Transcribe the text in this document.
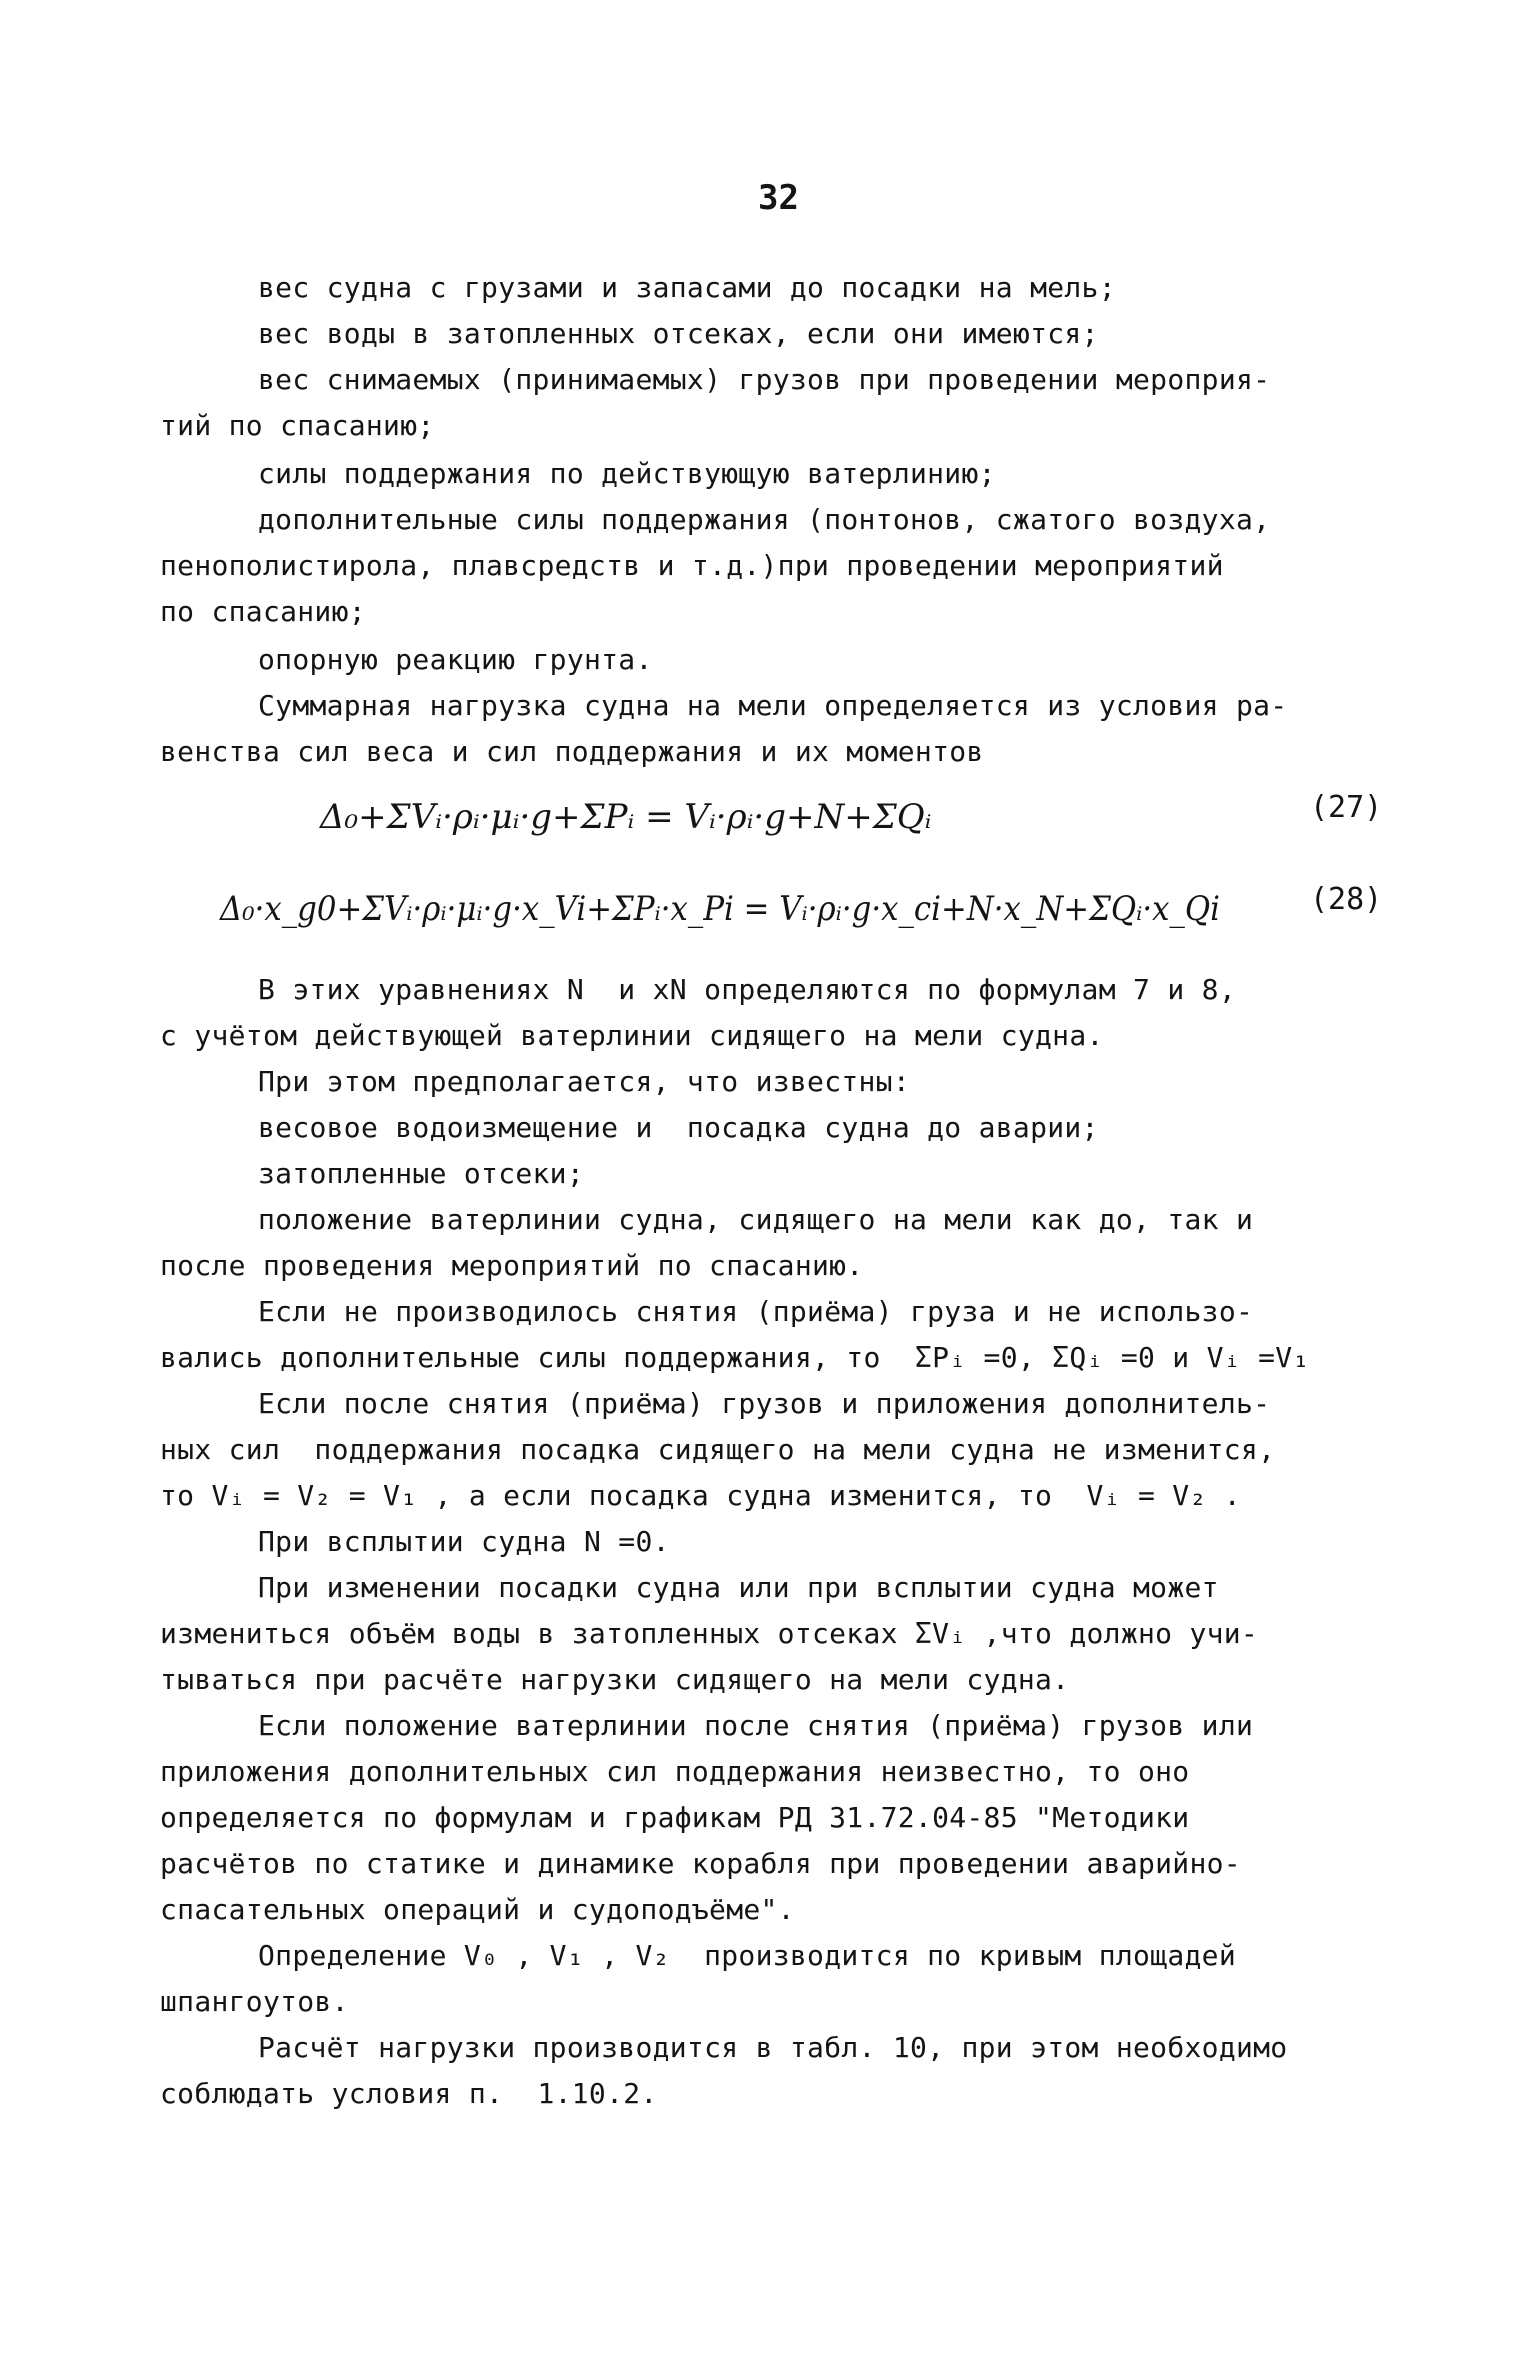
32
вес судна с грузами и запасами до посадки на мель;
вес воды в затопленных отсеках, если они имеются;
вес снимаемых (принимаемых) грузов при проведении мероприя-
тий по спасанию;
силы поддержания по действующую ватерлинию;
дополнительные силы поддержания (понтонов, сжатого воздуха,
пенополистирола, плавсредств и т.д.)при проведении мероприятий
по спасанию;
опорную реакцию грунта.
Суммарная нагрузка судна на мели определяется из условия ра-
венства сил веса и сил поддержания и их моментов
Δ₀+ΣVᵢ·ρᵢ·μᵢ·g+ΣPᵢ = Vᵢ·ρᵢ·g+N+ΣQᵢ	(27)
Δ₀·x_g0+ΣVᵢ·ρᵢ·μᵢ·g·x_Vi+ΣPᵢ·x_Pi = Vᵢ·ρᵢ·g·x_ci+N·x_N+ΣQᵢ·x_Qi	(28)
В этих уравнениях N  и xN определяются по формулам 7 и 8,
с учётом действующей ватерлинии сидящего на мели судна.
При этом предполагается, что известны:
весовое водоизмещение и  посадка судна до аварии;
затопленные отсеки;
положение ватерлинии судна, сидящего на мели как до, так и
после проведения мероприятий по спасанию.
Если не производилось снятия (приёма) груза и не использо-
вались дополнительные силы поддержания, то  ΣPᵢ =0, ΣQᵢ =0 и Vᵢ =V₁
Если после снятия (приёма) грузов и приложения дополнитель-
ных сил  поддержания посадка сидящего на мели судна не изменится,
то Vᵢ = V₂ = V₁ , а если посадка судна изменится, то  Vᵢ = V₂ .
При всплытии судна N =0.
При изменении посадки судна или при всплытии судна может
измениться объём воды в затопленных отсеках ΣVᵢ ,что должно учи-
тываться при расчёте нагрузки сидящего на мели судна.
Если положение ватерлинии после снятия (приёма) грузов или
приложения дополнительных сил поддержания неизвестно, то оно
определяется по формулам и графикам РД 31.72.04-85 "Методики
расчётов по статике и динамике корабля при проведении аварийно-
спасательных операций и судоподъёме".
Определение V₀ , V₁ , V₂  производится по кривым площадей
шпангоутов.
Расчёт нагрузки производится в табл. 10, при этом необходимо
соблюдать условия п.  1.10.2.
